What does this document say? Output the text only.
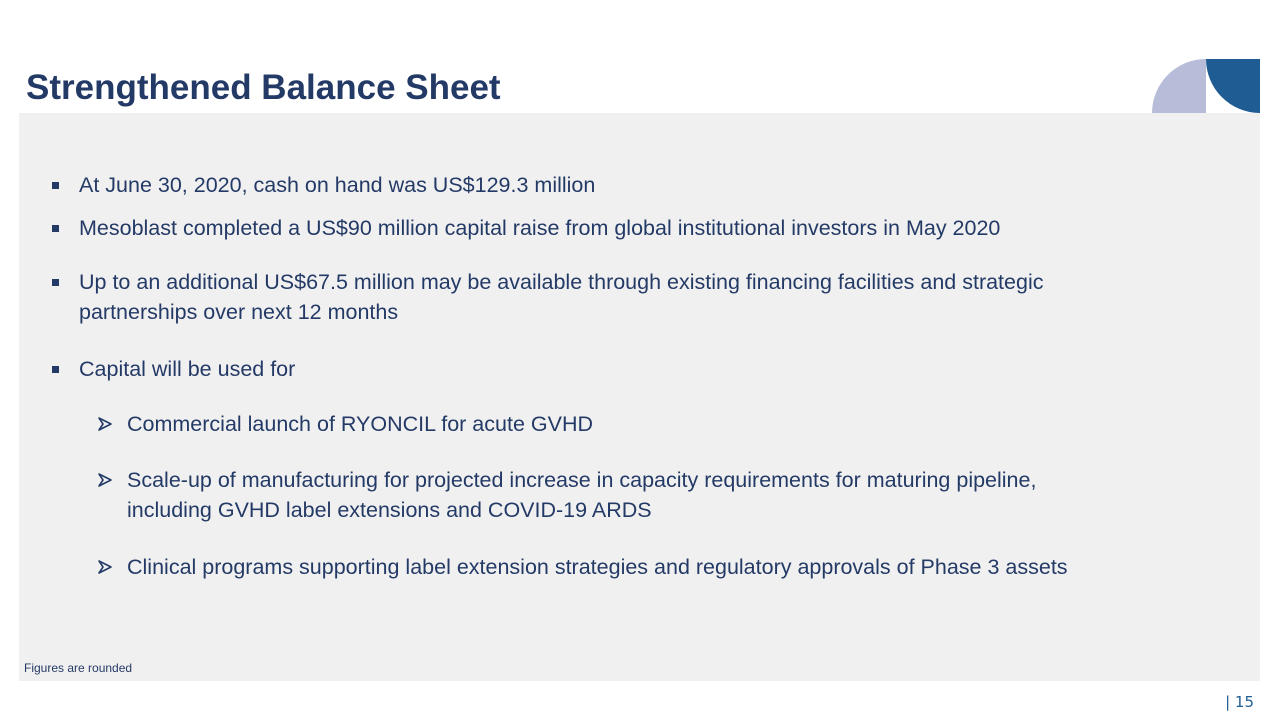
Strengthened Balance Sheet
At June 30, 2020, cash on hand was US$129.3 million
Mesoblast completed a US$90 million capital raise from global institutional investors in May 2020
Up to an additional US$67.5 million may be available through existing financing facilities and strategic
partnerships over next 12 months
Capital will be used for
Commercial launch of RYONCIL for acute GVHD
Scale-up of manufacturing for projected increase in capacity requirements for maturing pipeline,
including GVHD label extensions and COVID-19 ARDS
Clinical programs supporting label extension strategies and regulatory approvals of Phase 3 assets
Figures are rounded
| 15
